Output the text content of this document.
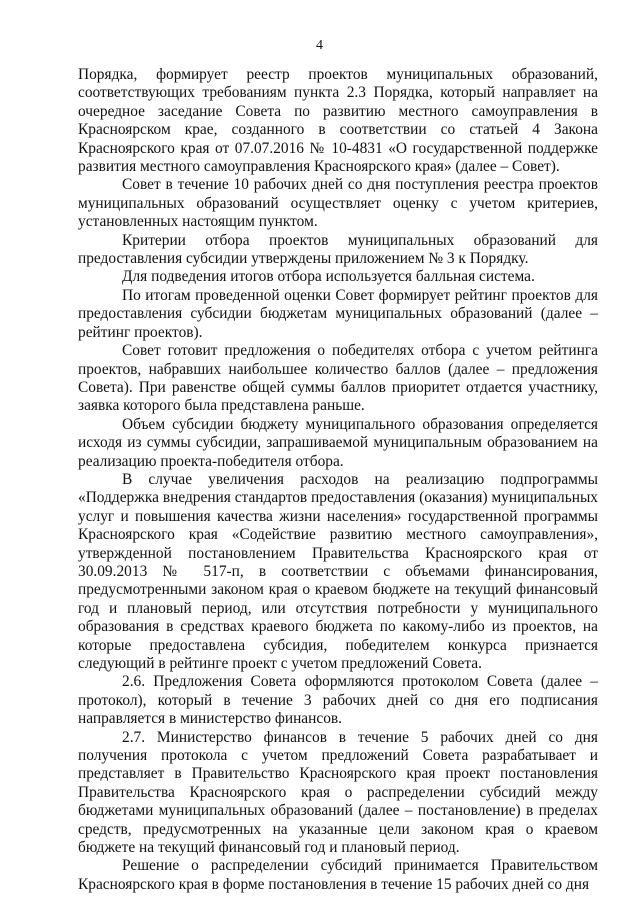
4

Порядка, формирует реестр проектов муниципальных образований, соответствующих требованиям пункта 2.3 Порядка, который направляет на очередное заседание Совета по развитию местного самоуправления в Красноярском крае, созданного в соответствии со статьей 4 Закона Красноярского края от 07.07.2016 № 10-4831 «О государственной поддержке развития местного самоуправления Красноярского края» (далее – Совет).

Совет в течение 10 рабочих дней со дня поступления реестра проектов муниципальных образований осуществляет оценку с учетом критериев, установленных настоящим пунктом.

Критерии отбора проектов муниципальных образований для предоставления субсидии утверждены приложением № 3 к Порядку.

Для подведения итогов отбора используется балльная система.

По итогам проведенной оценки Совет формирует рейтинг проектов для предоставления субсидии бюджетам муниципальных образований (далее – рейтинг проектов).

Совет готовит предложения о победителях отбора с учетом рейтинга проектов, набравших наибольшее количество баллов (далее – предложения Совета). При равенстве общей суммы баллов приоритет отдается участнику, заявка которого была представлена раньше.

Объем субсидии бюджету муниципального образования определяется исходя из суммы субсидии, запрашиваемой муниципальным образованием на реализацию проекта-победителя отбора.

В случае увеличения расходов на реализацию подпрограммы «Поддержка внедрения стандартов предоставления (оказания) муниципальных услуг и повышения качества жизни населения» государственной программы Красноярского края «Содействие развитию местного самоуправления», утвержденной постановлением Правительства Красноярского края от 30.09.2013 № 517-п, в соответствии с объемами финансирования, предусмотренными законом края о краевом бюджете на текущий финансовый год и плановый период, или отсутствия потребности у муниципального образования в средствах краевого бюджета по какому-либо из проектов, на которые предоставлена субсидия, победителем конкурса признается следующий в рейтинге проект с учетом предложений Совета.

2.6. Предложения Совета оформляются протоколом Совета (далее – протокол), который в течение 3 рабочих дней со дня его подписания направляется в министерство финансов.

2.7. Министерство финансов в течение 5 рабочих дней со дня получения протокола с учетом предложений Совета разрабатывает и представляет в Правительство Красноярского края проект постановления Правительства Красноярского края о распределении субсидий между бюджетами муниципальных образований (далее – постановление) в пределах средств, предусмотренных на указанные цели законом края о краевом бюджете на текущий финансовый год и плановый период.

Решение о распределении субсидий принимается Правительством Красноярского края в форме постановления в течение 15 рабочих дней со дня
